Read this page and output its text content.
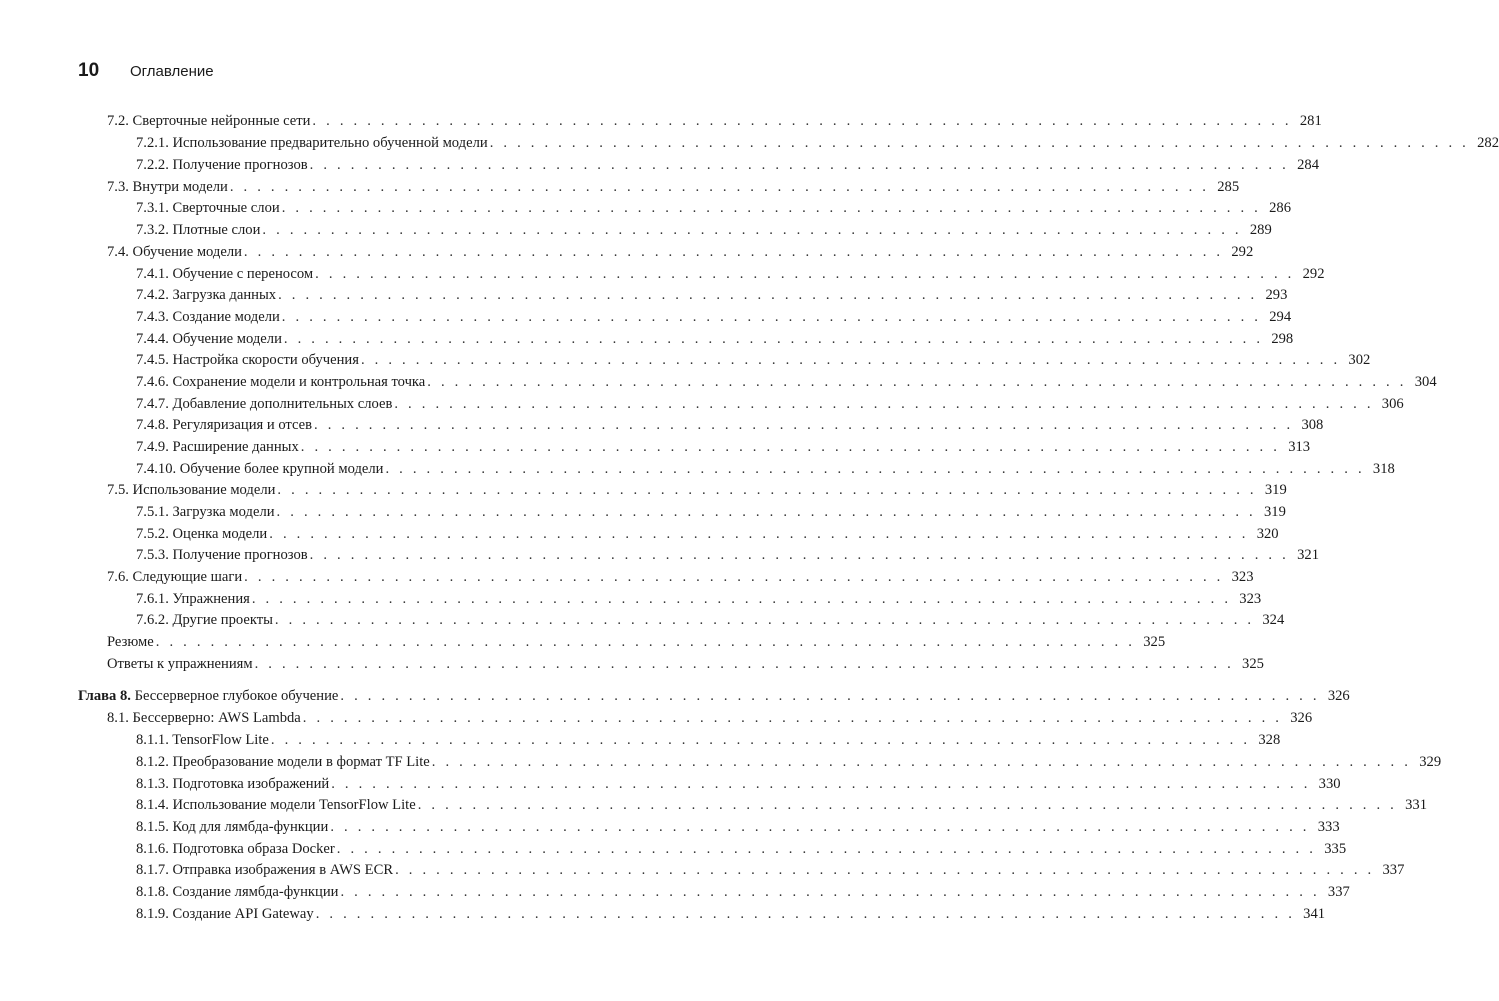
10	Оглавление
7.2. Сверточные нейронные сети . . . . . . . . . . . . . . . . . . . . . . . . . . . . . . . . . . . . . . . . . . . . . . . . . . . . . . . . . . . . . . . . . . . . . . . . 281
7.2.1. Использование предварительно обученной модели . . . . . . . . . . . . . . . . . . . . . . . . . . . . . . . . . . . . . . . . . . . . . . . . . . . . . . . . . . . . . . . . . . . . . . . . 282
7.2.2. Получение прогнозов . . . . . . . . . . . . . . . . . . . . . . . . . . . . . . . . . . . . . . . . . . . . . . . . . . . . . . . . . . . . . . . . . . . . . . . . 284
7.3. Внутри модели . . . . . . . . . . . . . . . . . . . . . . . . . . . . . . . . . . . . . . . . . . . . . . . . . . . . . . . . . . . . . . . . . . . . . . . . 285
7.3.1. Сверточные слои . . . . . . . . . . . . . . . . . . . . . . . . . . . . . . . . . . . . . . . . . . . . . . . . . . . . . . . . . . . . . . . . . . . . . . . . 286
7.3.2. Плотные слои . . . . . . . . . . . . . . . . . . . . . . . . . . . . . . . . . . . . . . . . . . . . . . . . . . . . . . . . . . . . . . . . . . . . . . . . 289
7.4. Обучение модели . . . . . . . . . . . . . . . . . . . . . . . . . . . . . . . . . . . . . . . . . . . . . . . . . . . . . . . . . . . . . . . . . . . . . . . . 292
7.4.1. Обучение с переносом . . . . . . . . . . . . . . . . . . . . . . . . . . . . . . . . . . . . . . . . . . . . . . . . . . . . . . . . . . . . . . . . . . . . . . . . 292
7.4.2. Загрузка данных . . . . . . . . . . . . . . . . . . . . . . . . . . . . . . . . . . . . . . . . . . . . . . . . . . . . . . . . . . . . . . . . . . . . . . . . 293
7.4.3. Создание модели . . . . . . . . . . . . . . . . . . . . . . . . . . . . . . . . . . . . . . . . . . . . . . . . . . . . . . . . . . . . . . . . . . . . . . . . 294
7.4.4. Обучение модели . . . . . . . . . . . . . . . . . . . . . . . . . . . . . . . . . . . . . . . . . . . . . . . . . . . . . . . . . . . . . . . . . . . . . . . . 298
7.4.5. Настройка скорости обучения . . . . . . . . . . . . . . . . . . . . . . . . . . . . . . . . . . . . . . . . . . . . . . . . . . . . . . . . . . . . . . . . . . . . . . . . 302
7.4.6. Сохранение модели и контрольная точка . . . . . . . . . . . . . . . . . . . . . . . . . . . . . . . . . . . . . . . . . . . . . . . . . . . . . . . . . . . . . . . . . . . . . . . . 304
7.4.7. Добавление дополнительных слоев . . . . . . . . . . . . . . . . . . . . . . . . . . . . . . . . . . . . . . . . . . . . . . . . . . . . . . . . . . . . . . . . . . . . . . . . 306
7.4.8. Регуляризация и отсев . . . . . . . . . . . . . . . . . . . . . . . . . . . . . . . . . . . . . . . . . . . . . . . . . . . . . . . . . . . . . . . . . . . . . . . . 308
7.4.9. Расширение данных . . . . . . . . . . . . . . . . . . . . . . . . . . . . . . . . . . . . . . . . . . . . . . . . . . . . . . . . . . . . . . . . . . . . . . . . 313
7.4.10. Обучение более крупной модели . . . . . . . . . . . . . . . . . . . . . . . . . . . . . . . . . . . . . . . . . . . . . . . . . . . . . . . . . . . . . . . . . . . . . . . . 318
7.5. Использование модели . . . . . . . . . . . . . . . . . . . . . . . . . . . . . . . . . . . . . . . . . . . . . . . . . . . . . . . . . . . . . . . . . . . . . . . . 319
7.5.1. Загрузка модели . . . . . . . . . . . . . . . . . . . . . . . . . . . . . . . . . . . . . . . . . . . . . . . . . . . . . . . . . . . . . . . . . . . . . . . . 319
7.5.2. Оценка модели . . . . . . . . . . . . . . . . . . . . . . . . . . . . . . . . . . . . . . . . . . . . . . . . . . . . . . . . . . . . . . . . . . . . . . . . 320
7.5.3. Получение прогнозов . . . . . . . . . . . . . . . . . . . . . . . . . . . . . . . . . . . . . . . . . . . . . . . . . . . . . . . . . . . . . . . . . . . . . . . . 321
7.6. Следующие шаги . . . . . . . . . . . . . . . . . . . . . . . . . . . . . . . . . . . . . . . . . . . . . . . . . . . . . . . . . . . . . . . . . . . . . . . . 323
7.6.1. Упражнения . . . . . . . . . . . . . . . . . . . . . . . . . . . . . . . . . . . . . . . . . . . . . . . . . . . . . . . . . . . . . . . . . . . . . . . . 323
7.6.2. Другие проекты . . . . . . . . . . . . . . . . . . . . . . . . . . . . . . . . . . . . . . . . . . . . . . . . . . . . . . . . . . . . . . . . . . . . . . . . 324
Резюме . . . . . . . . . . . . . . . . . . . . . . . . . . . . . . . . . . . . . . . . . . . . . . . . . . . . . . . . . . . . . . . . . . . . . . . . 325
Ответы к упражнениям . . . . . . . . . . . . . . . . . . . . . . . . . . . . . . . . . . . . . . . . . . . . . . . . . . . . . . . . . . . . . . . . . . . . . . . . 325
Глава 8. Бессерверное глубокое обучение . . . . . . . . . . . . . . . . . . . . . . . . . . . . . . . . . . . . . . . . . . . . . . . . . . . . . . . . . . . . . . . . . . . . . . . . 326
8.1. Бессерверно: AWS Lambda . . . . . . . . . . . . . . . . . . . . . . . . . . . . . . . . . . . . . . . . . . . . . . . . . . . . . . . . . . . . . . . . . . . . . . . . 326
8.1.1. TensorFlow Lite . . . . . . . . . . . . . . . . . . . . . . . . . . . . . . . . . . . . . . . . . . . . . . . . . . . . . . . . . . . . . . . . . . . . . . . . 328
8.1.2. Преобразование модели в формат TF Lite . . . . . . . . . . . . . . . . . . . . . . . . . . . . . . . . . . . . . . . . . . . . . . . . . . . . . . . . . . . . . . . . . . . . . . . . 329
8.1.3. Подготовка изображений . . . . . . . . . . . . . . . . . . . . . . . . . . . . . . . . . . . . . . . . . . . . . . . . . . . . . . . . . . . . . . . . . . . . . . . . 330
8.1.4. Использование модели TensorFlow Lite . . . . . . . . . . . . . . . . . . . . . . . . . . . . . . . . . . . . . . . . . . . . . . . . . . . . . . . . . . . . . . . . . . . . . . . . 331
8.1.5. Код для лямбда-функции . . . . . . . . . . . . . . . . . . . . . . . . . . . . . . . . . . . . . . . . . . . . . . . . . . . . . . . . . . . . . . . . . . . . . . . . 333
8.1.6. Подготовка образа Docker . . . . . . . . . . . . . . . . . . . . . . . . . . . . . . . . . . . . . . . . . . . . . . . . . . . . . . . . . . . . . . . . . . . . . . . . 335
8.1.7. Отправка изображения в AWS ECR . . . . . . . . . . . . . . . . . . . . . . . . . . . . . . . . . . . . . . . . . . . . . . . . . . . . . . . . . . . . . . . . . . . . . . . . 337
8.1.8. Создание лямбда-функции . . . . . . . . . . . . . . . . . . . . . . . . . . . . . . . . . . . . . . . . . . . . . . . . . . . . . . . . . . . . . . . . . . . . . . . . 337
8.1.9. Создание API Gateway . . . . . . . . . . . . . . . . . . . . . . . . . . . . . . . . . . . . . . . . . . . . . . . . . . . . . . . . . . . . . . . . . . . . . . . . 341
